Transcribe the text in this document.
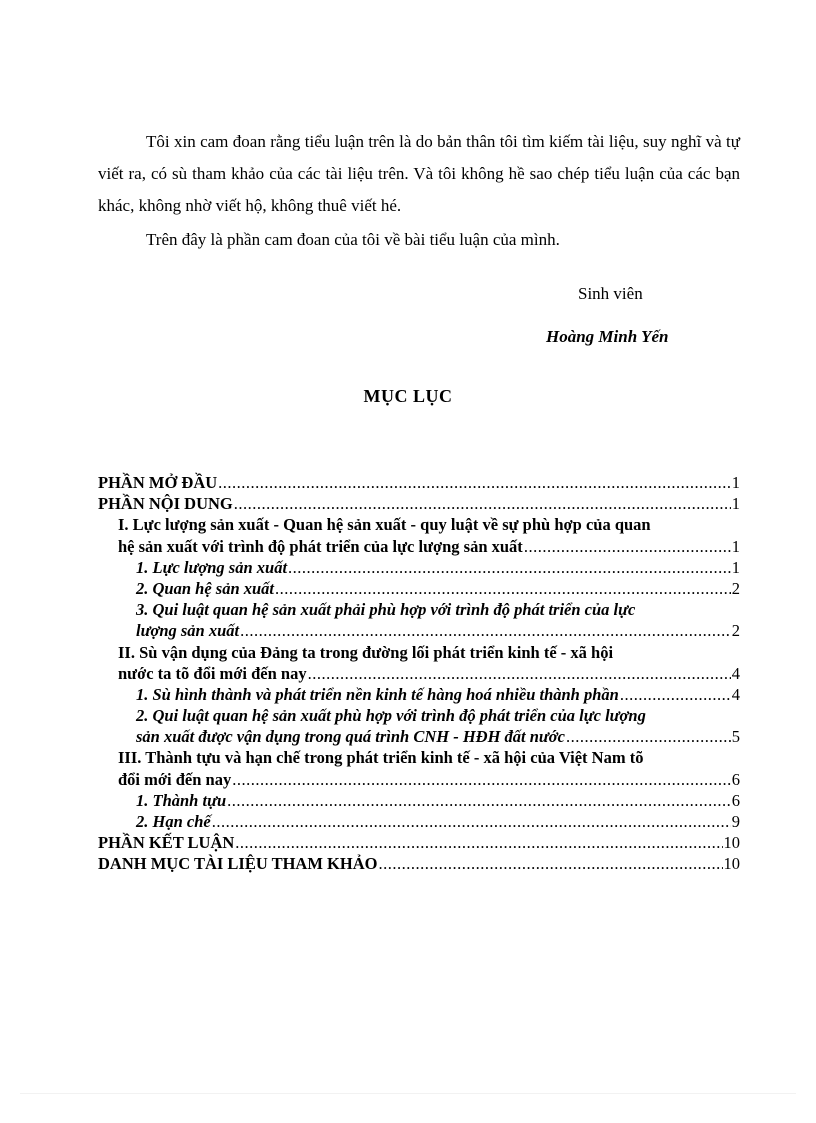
Tôi xin cam đoan rằng tiểu luận trên là do bản thân tôi tìm kiếm tài liệu, suy nghĩ và tự viết ra, có sù tham khảo của các tài liệu trên. Và tôi không hề sao chép tiểu luận của các bạn khác, không nhờ viết hộ, không thuê viết hé.

Trên đây là phần cam đoan của tôi về bài tiểu luận của mình.

Sinh viên
Hoàng Minh Yến
MỤC LỤC
PHẦN MỞ ĐẦU .....	1
PHẦN NỘI DUNG .....	1
I. Lực lượng sản xuất - Quan hệ sản xuất - quy luật về sự phù hợp của quan
hệ sản xuất với trình độ phát triển của lực lượng sản xuất .....	1
1. Lực lượng sản xuất .....	1
2. Quan hệ sản xuất .....	2
3. Qui luật quan hệ sản xuất phải phù hợp với trình độ phát triển của lực
lượng sản xuất .....	2
II. Sù vận dụng của Đảng ta trong đường lối phát triển kinh tế - xã hội
nước ta tõ đổi mới đến nay .....	4
1. Sù hình thành và phát triển nền kinh tế hàng hoá nhiều thành phần .....	4
2. Qui luật quan hệ sản xuất phù hợp với trình độ phát triển của lực lượng
sản xuất được vận dụng trong quá trình CNH - HĐH đất nước .....	5
III. Thành tựu và hạn chế trong phát triển kinh tế - xã hội của Việt Nam tõ
đổi mới đến nay .....	6
1. Thành tựu .....	6
2. Hạn chế .....	9
PHẦN KẾT LUẬN .....	10
DANH MỤC TÀI LIỆU THAM KHẢO .....	10
